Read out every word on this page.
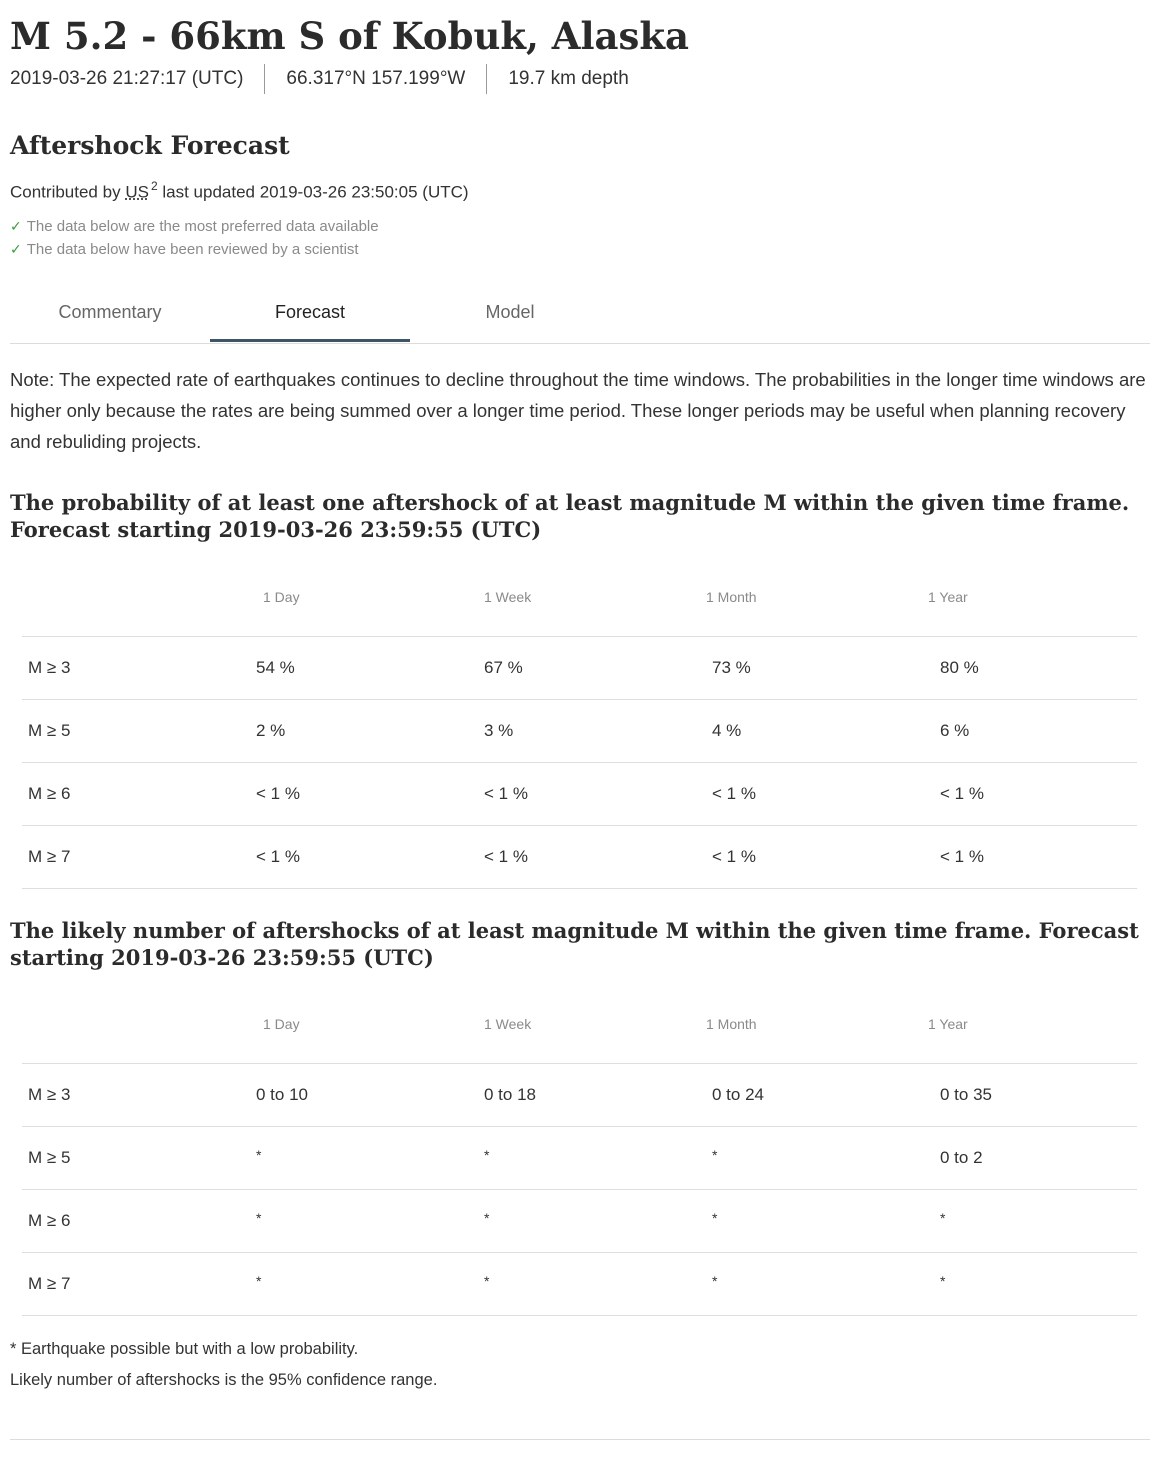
M 5.2 - 66km S of Kobuk, Alaska
2019-03-26 21:27:17 (UTC) 66.317°N 157.199°W 19.7 km depth
Aftershock Forecast
Contributed by US $^2$ last updated 2019-03-26 23:50:05 (UTC)
✓ The data below are the most preferred data available
✓ The data below have been reviewed by a scientist
Commentary	Forecast	Model

Note: The expected rate of earthquakes continues to decline throughout the time windows. The probabilities in the longer time windows are higher only because the rates are being summed over a longer time period. These longer periods may be useful when planning recovery and rebuliding projects.

The probability of at least one aftershock of at least magnitude M within the given time frame. Forecast starting 2019-03-26 23:59:55 (UTC)
1 Day	1 Week	1 Month	1 Year
M ≥ 3	54 %	67 %	73 %	80 %
M ≥ 5	2 %	3 %	4 %	6 %
M ≥ 6	< 1 %	< 1 %	< 1 %	< 1 %
M ≥ 7	< 1 %	< 1 %	< 1 %	< 1 %
The likely number of aftershocks of at least magnitude M within the given time frame. Forecast starting 2019-03-26 23:59:55 (UTC)
1 Day	1 Week	1 Month	1 Year
M ≥ 3	0 to 10	0 to 18	0 to 24	0 to 35
M ≥ 5	*	*	*	0 to 2
M ≥ 6	*	*	*	*
M ≥ 7	*	*	*	*
* Earthquake possible but with a low probability.
Likely number of aftershocks is the 95% confidence range.
